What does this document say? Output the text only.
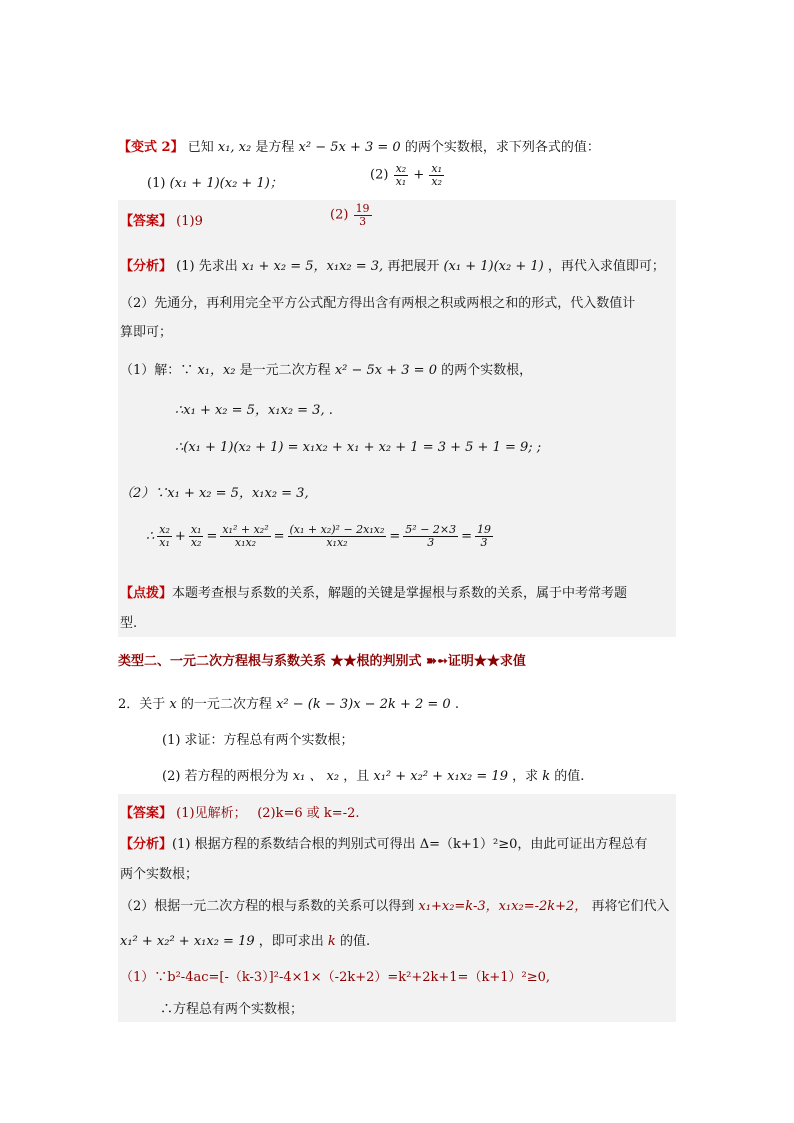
【变式 2】 已知 x₁, x₂ 是方程 x² − 5x + 3 = 0 的两个实数根，求下列各式的值：
(1) (x₁ + 1)(x₂ + 1)；
$(2) \frac{\text{x₂}}{\text{x₁}} + \frac{\text{x₁}}{\text{x₂}}$
【答案】 (1)9	$(2) \frac{19}{3}$
【分析】 (1) 先求出 x₁ + x₂ = 5，x₁x₂ = 3, 再把展开 (x₁ + 1)(x₂ + 1) ，再代入求值即可；
（2）先通分，再利用完全平方公式配方得出含有两根之积或两根之和的形式，代入数值计
算即可；
（1）解：∵ x₁，x₂ 是一元二次方程 x² − 5x + 3 = 0 的两个实数根，
∴x₁ + x₂ = 5，x₁x₂ = 3, .
∴(x₁ + 1)(x₂ + 1) = x₁x₂ + x₁ + x₂ + 1 = 3 + 5 + 1 = 9; ;
（2）∵x₁ + x₂ = 5，x₁x₂ = 3,
∴ $\frac{\text{x₂}}{\text{x₁}} + \frac{\text{x₁}}{\text{x₂}} = \frac{\text{x₁² + x₂²}}{\text{x₁x₂}} = \frac{\text{(x₁ + x₂)² − 2x₁x₂}}{\text{x₁x₂}} = \frac{\text{5² − 2×3}}{3} = \frac{19}{3}$
【点拨】本题考查根与系数的关系，解题的关键是掌握根与系数的关系，属于中考常考题
型.
类型二、一元二次方程根与系数关系 ★★根的判别式 ➽➻证明★★求值
2．关于 x 的一元二次方程 x² − (k − 3)x − 2k + 2 = 0 .
(1) 求证：方程总有两个实数根；
(2) 若方程的两根分为 x₁ 、 x₂ ，且 x₁² + x₂² + x₁x₂ = 19 ，求 k 的值.
【答案】 (1)见解析；　 (2)k=6 或 k=-2.
【分析】(1) 根据方程的系数结合根的判别式可得出 Δ=（k+1）²≥0，由此可证出方程总有
两个实数根；
（2）根据一元二次方程的根与系数的关系可以得到 x₁+x₂=k-3，x₁x₂=-2k+2， 再将它们代入
x₁² + x₂² + x₁x₂ = 19 ，即可求出 k 的值.
（1）∵b²-4ac=[-（k-3）]²-4×1×（-2k+2）=k²+2k+1=（k+1）²≥0,
∴方程总有两个实数根；
